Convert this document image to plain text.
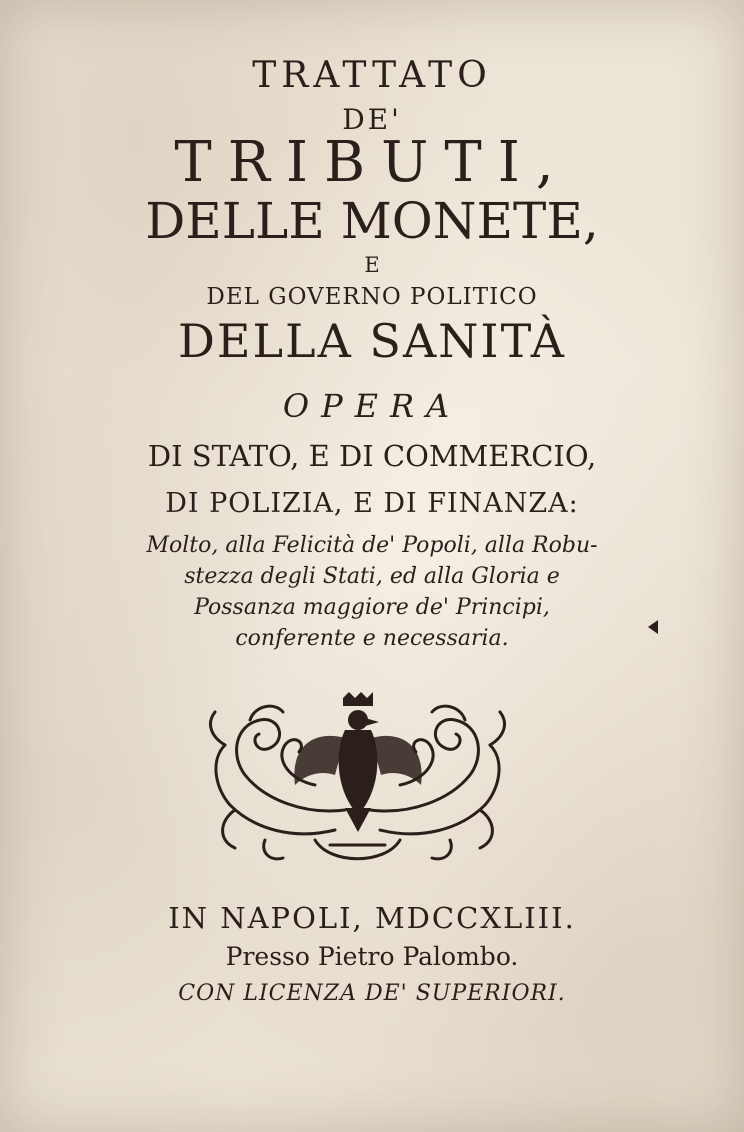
TRATTATO

DE'

TRIBUTI,

DELLE MONETE,

E

DEL GOVERNO POLITICO

DELLA SANITÀ

OPERA

DI STATO, E DI COMMERCIO,

DI POLIZIA, E DI FINANZA:

Molto, alla Felicità de' Popoli, alla Robu-

stezza degli Stati, ed alla Gloria e

Possanza maggiore de' Principi,

conferente e necessaria.

IN NAPOLI, MDCCXLIII.

Presso Pietro Palombo.

CON LICENZA DE' SUPERIORI.
